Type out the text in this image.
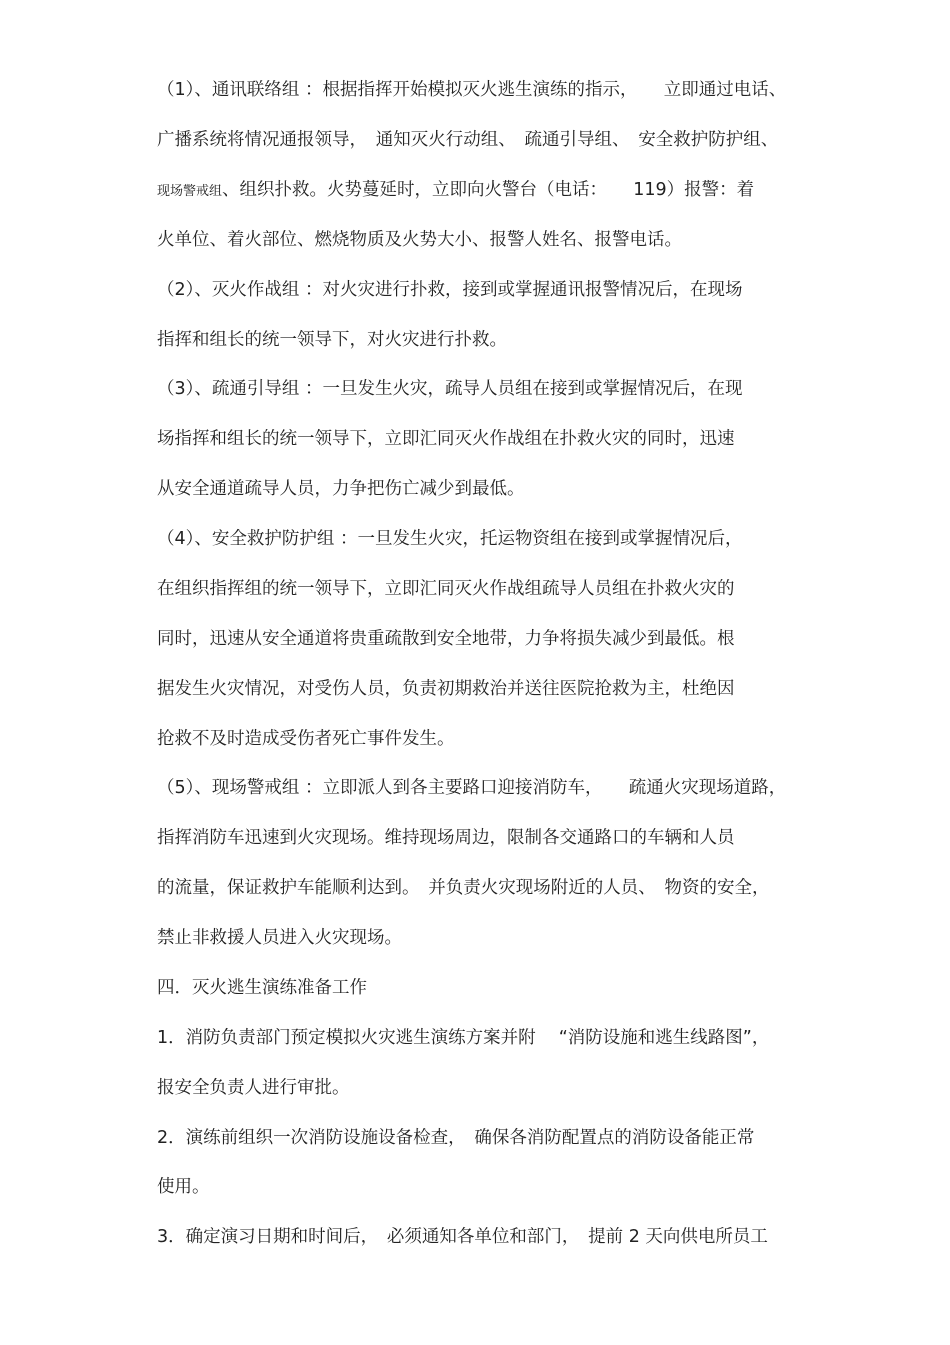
（1）、通讯联络组 ：根据指挥开始模拟灭火逃生演练的指示，　　立即通过电话、
广播系统将情况通报领导，　通知灭火行动组、　疏通引导组、　安全救护防护组、
现场警戒组、组织扑救。火势蔓延时，立即向火警台（电话：　　119）报警：着
火单位、着火部位、燃烧物质及火势大小、报警人姓名、报警电话。
（2）、灭火作战组 ：对火灾进行扑救，接到或掌握通讯报警情况后，在现场
指挥和组长的统一领导下，对火灾进行扑救。
（3）、疏通引导组 ：一旦发生火灾，疏导人员组在接到或掌握情况后，在现
场指挥和组长的统一领导下，立即汇同灭火作战组在扑救火灾的同时，迅速
从安全通道疏导人员，力争把伤亡减少到最低。
（4）、安全救护防护组 ：一旦发生火灾，托运物资组在接到或掌握情况后，
在组织指挥组的统一领导下，立即汇同灭火作战组疏导人员组在扑救火灾的
同时，迅速从安全通道将贵重疏散到安全地带，力争将损失减少到最低。根
据发生火灾情况，对受伤人员，负责初期救治并送往医院抢救为主，杜绝因
抢救不及时造成受伤者死亡事件发生。
（5）、现场警戒组 ：立即派人到各主要路口迎接消防车，　　疏通火灾现场道路，
指挥消防车迅速到火灾现场。维持现场周边，限制各交通路口的车辆和人员
的流量，保证救护车能顺利达到。　并负责火灾现场附近的人员、　物资的安全，
禁止非救援人员进入火灾现场。
四．灭火逃生演练准备工作
1．消防负责部门预定模拟火灾逃生演练方案并附　 “消防设施和逃生线路图”，
报安全负责人进行审批。
2．演练前组织一次消防设施设备检查，　确保各消防配置点的消防设备能正常
使用。
3．确定演习日期和时间后，　必须通知各单位和部门，　提前 2 天向供电所员工
